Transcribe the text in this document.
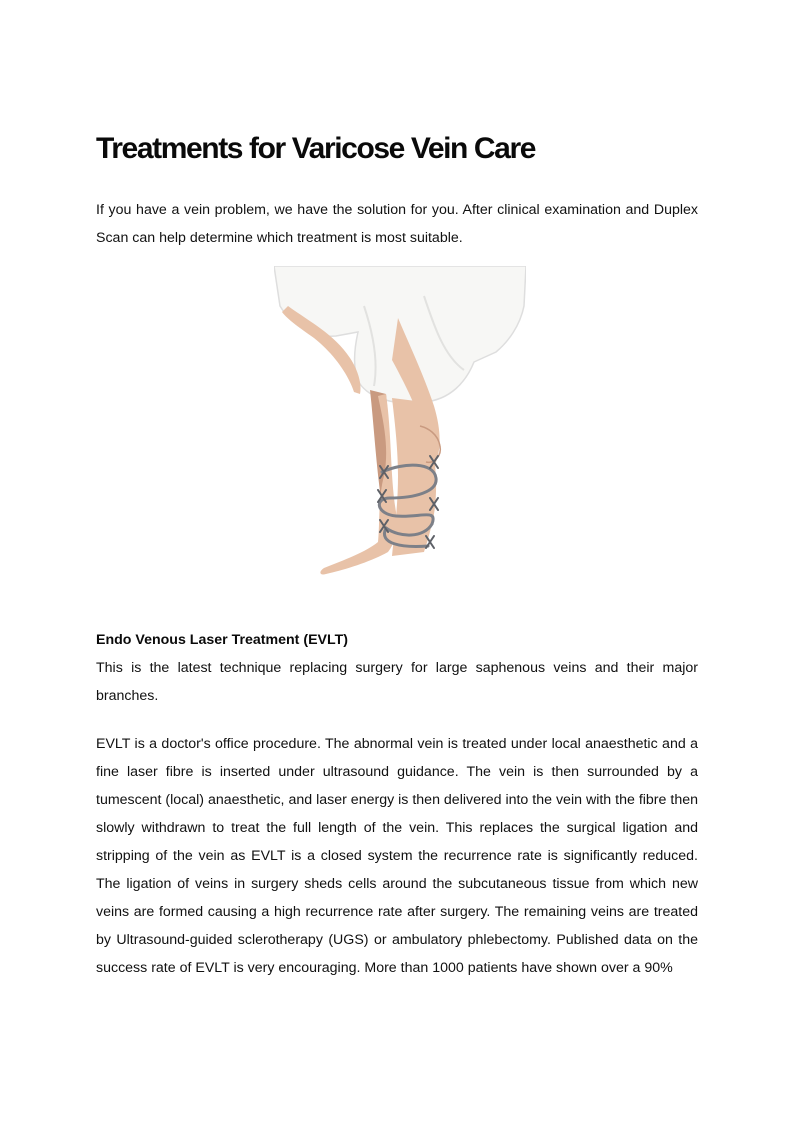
Treatments for Varicose Vein Care

If you have a vein problem, we have the solution for you. After clinical examination and Duplex Scan can help determine which treatment is most suitable.

Endo Venous Laser Treatment (EVLT)

This is the latest technique replacing surgery for large saphenous veins and their major branches.

EVLT is a doctor's office procedure. The abnormal vein is treated under local anaesthetic and a fine laser fibre is inserted under ultrasound guidance. The vein is then surrounded by a tumescent (local) anaesthetic, and laser energy is then delivered into the vein with the fibre then slowly withdrawn to treat the full length of the vein. This replaces the surgical ligation and stripping of the vein as EVLT is a closed system the recurrence rate is significantly reduced. The ligation of veins in surgery sheds cells around the subcutaneous tissue from which new veins are formed causing a high recurrence rate after surgery. The remaining veins are treated by Ultrasound-guided sclerotherapy (UGS) or ambulatory phlebectomy. Published data on the success rate of EVLT is very encouraging. More than 1000 patients have shown over a 90%
